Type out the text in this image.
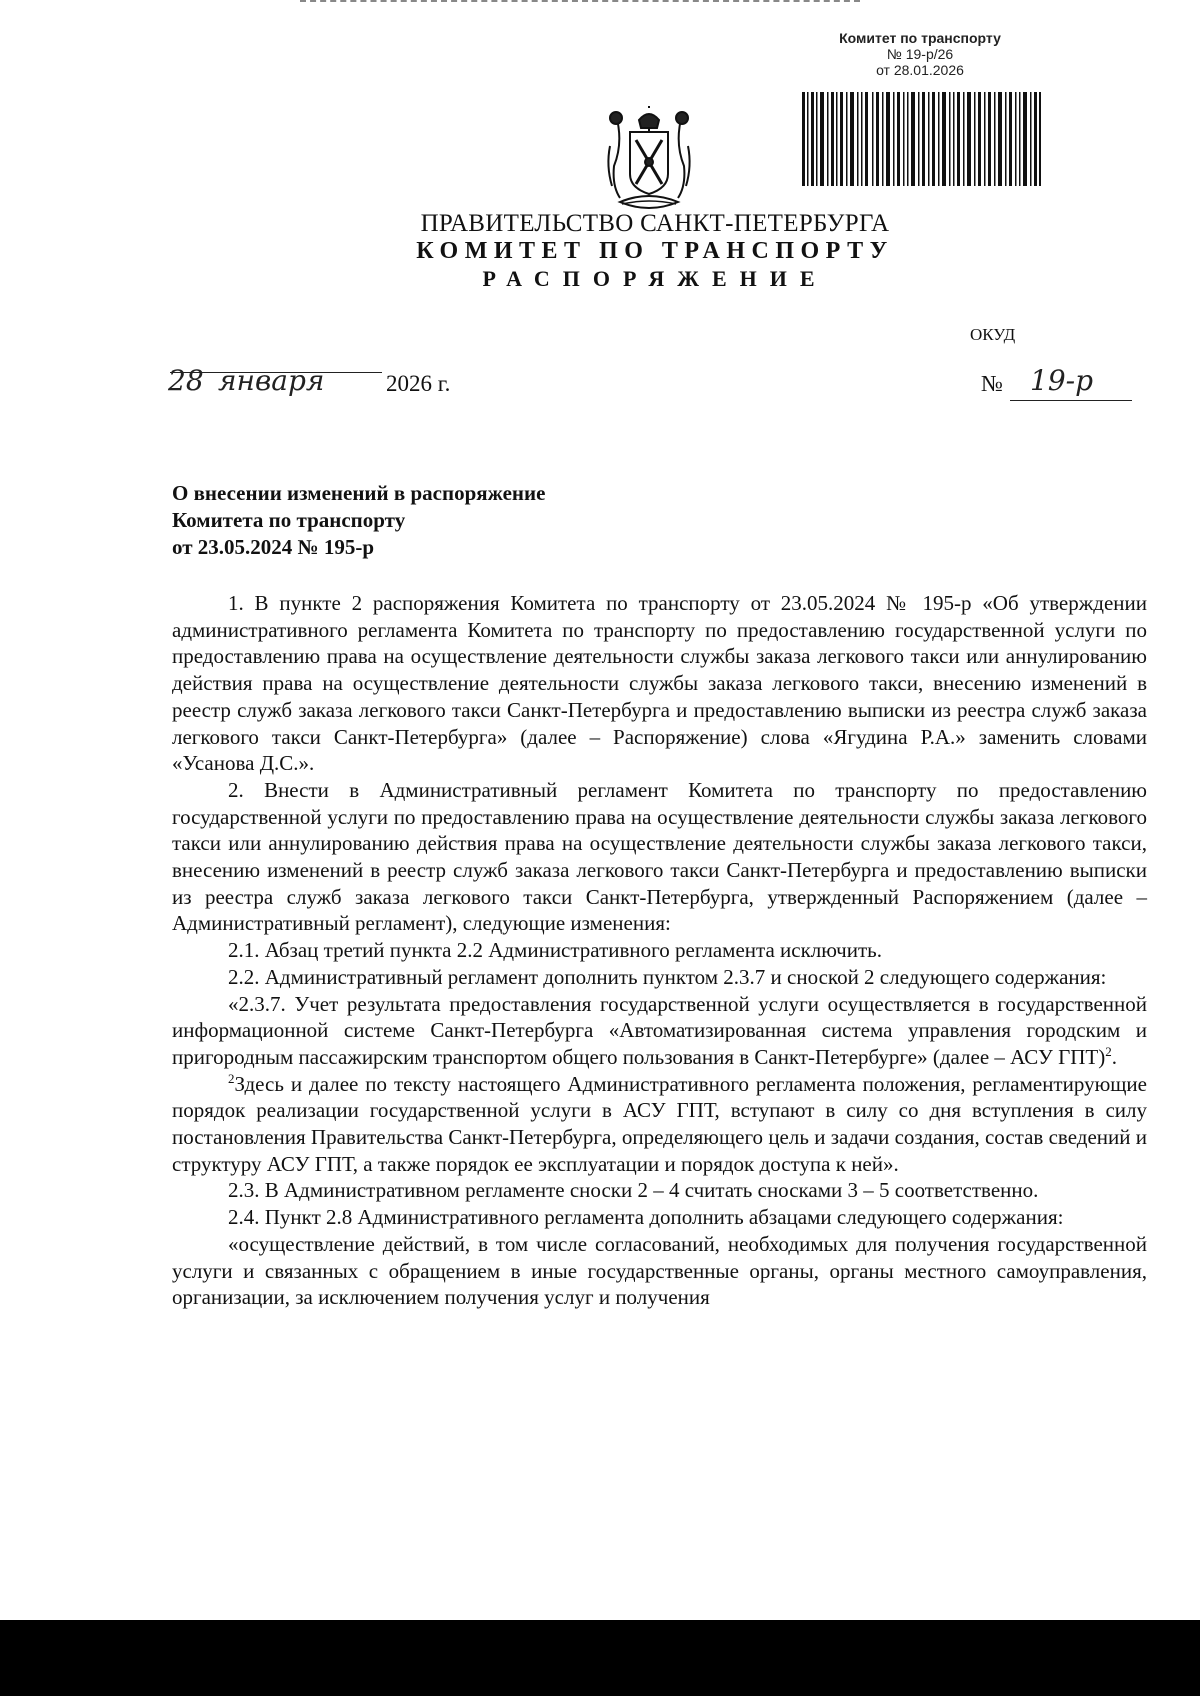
Комитет по транспорту
№ 19-р/26
от 28.01.2026
ПРАВИТЕЛЬСТВО САНКТ-ПЕТЕРБУРГА
КОМИТЕТ ПО ТРАНСПОРТУ
РАСПОРЯЖЕНИЕ
ОКУД
28 января	2026 г.	№ 19-р
О внесении изменений в распоряжение
Комитета по транспорту
от 23.05.2024 № 195-р

1. В пункте 2 распоряжения Комитета по транспорту от 23.05.2024 № 195-р «Об утверждении административного регламента Комитета по транспорту по предоставлению государственной услуги по предоставлению права на осуществление деятельности службы заказа легкового такси или аннулированию действия права на осуществление деятельности службы заказа легкового такси, внесению изменений в реестр служб заказа легкового такси Санкт-Петербурга и предоставлению выписки из реестра служб заказа легкового такси Санкт-Петербурга» (далее – Распоряжение) слова «Ягудина Р.А.» заменить словами «Усанова Д.С.».

2. Внести в Административный регламент Комитета по транспорту по предоставлению государственной услуги по предоставлению права на осуществление деятельности службы заказа легкового такси или аннулированию действия права на осуществление деятельности службы заказа легкового такси, внесению изменений в реестр служб заказа легкового такси Санкт-Петербурга и предоставлению выписки из реестра служб заказа легкового такси Санкт-Петербурга, утвержденный Распоряжением (далее – Административный регламент), следующие изменения:

2.1. Абзац третий пункта 2.2 Административного регламента исключить.

2.2. Административный регламент дополнить пунктом 2.3.7 и сноской 2 следующего содержания:

«2.3.7. Учет результата предоставления государственной услуги осуществляется в государственной информационной системе Санкт-Петербурга «Автоматизированная система управления городским и пригородным пассажирским транспортом общего пользования в Санкт-Петербурге» (далее – АСУ ГПТ)$^2$.

$^2$Здесь и далее по тексту настоящего Административного регламента положения, регламентирующие порядок реализации государственной услуги в АСУ ГПТ, вступают в силу со дня вступления в силу постановления Правительства Санкт-Петербурга, определяющего цель и задачи создания, состав сведений и структуру АСУ ГПТ, а также порядок ее эксплуатации и порядок доступа к ней».

2.3. В Административном регламенте сноски 2 – 4 считать сносками 3 – 5 соответственно.

2.4. Пункт 2.8 Административного регламента дополнить абзацами следующего содержания:

«осуществление действий, в том числе согласований, необходимых для получения государственной услуги и связанных с обращением в иные государственные органы, органы местного самоуправления, организации, за исключением получения услуг и получения
